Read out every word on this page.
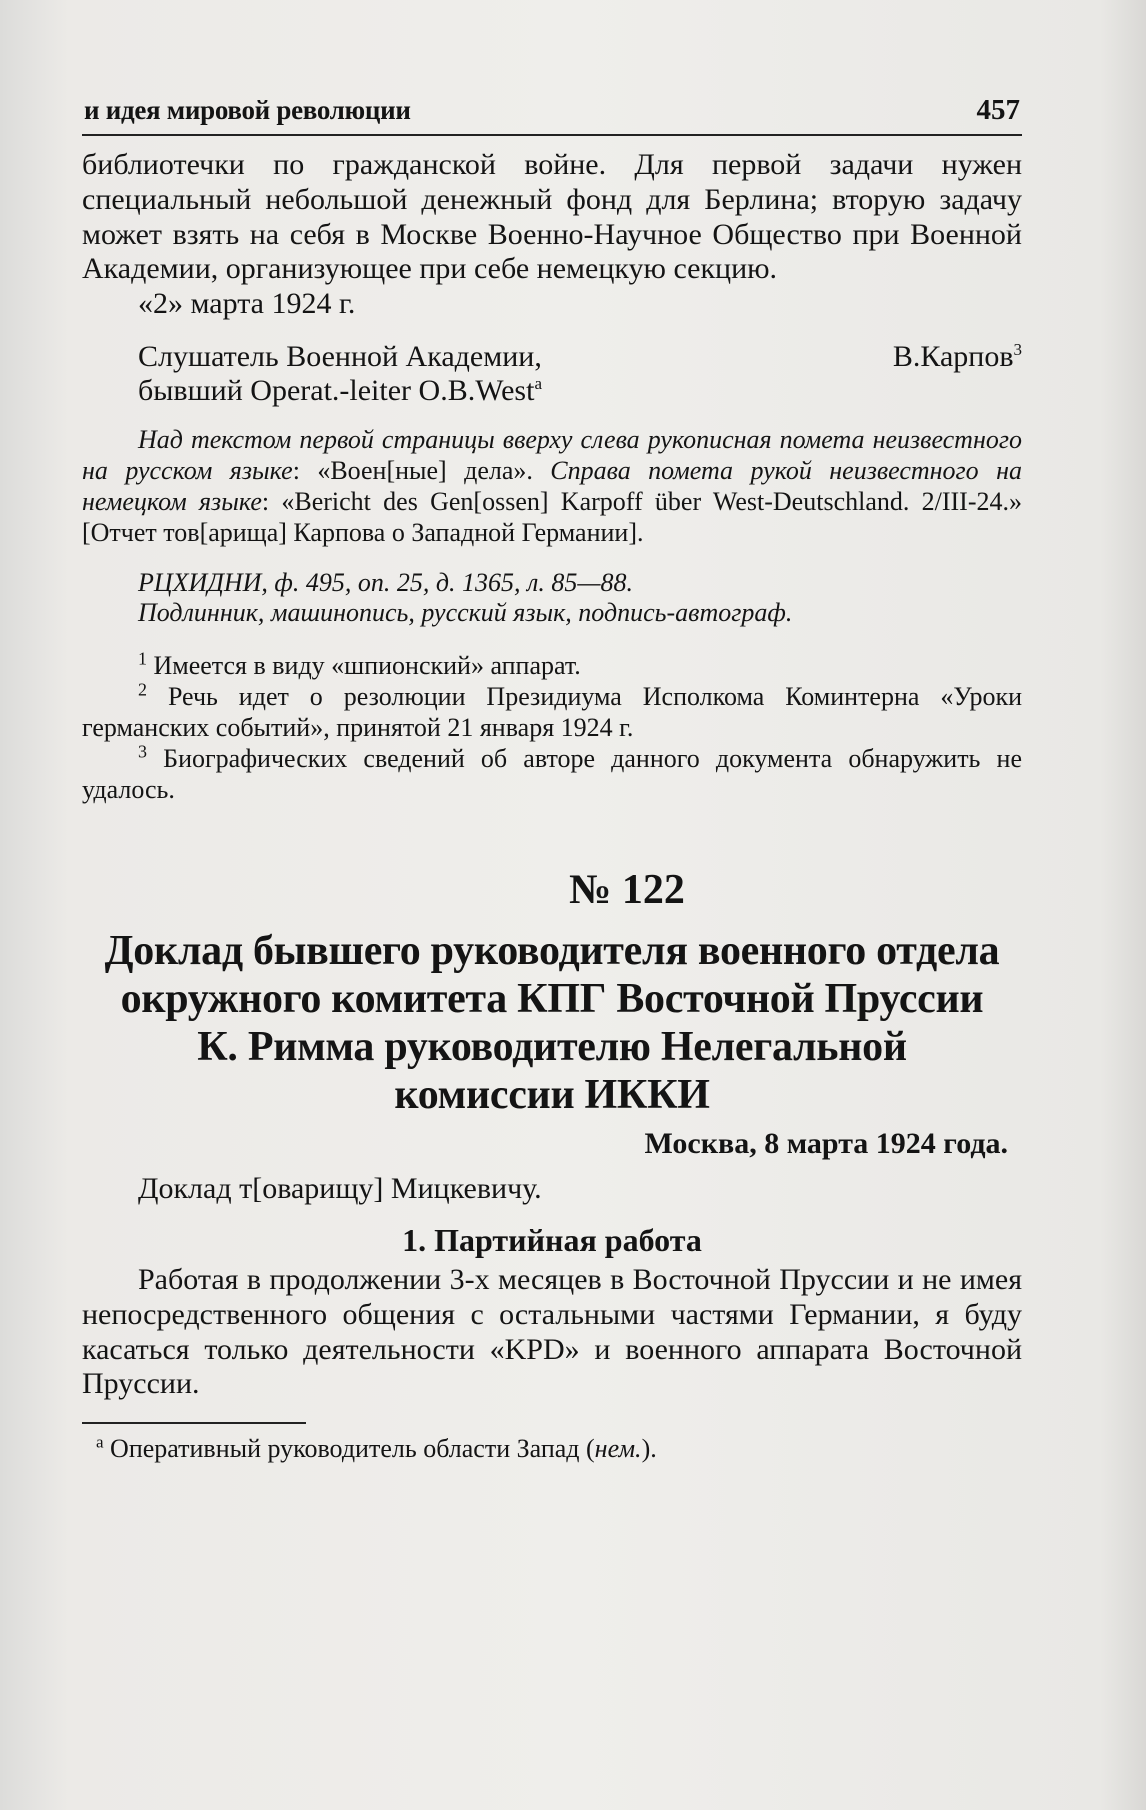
и идея мировой революции	457
библиотечки по гражданской войне. Для первой задачи нужен специальный небольшой денежный фонд для Берлина; вторую задачу может взять на себя в Москве Военно-Научное Общество при Военной Академии, организующее при себе немецкую секцию.
«2» марта 1924 г.
Слушатель Военной Академии,	В.Карпов$^3$
бывший Operat.-leiter O.B.West$^а$
Над текстом первой страницы вверху слева рукописная помета неизвестного на русском языке: «Воен[ные] дела». Справа помета рукой неизвестного на немецком языке: «Bericht des Gen[ossen] Karpoff über West-Deutschland. 2/III-24.» [Отчет тов[арища] Карпова о Западной Германии].
РЦХИДНИ, ф. 495, оп. 25, д. 1365, л. 85—88.
Подлинник, машинопись, русский язык, подпись-автограф.
$^1$ Имеется в виду «шпионский» аппарат.
$^2$ Речь идет о резолюции Президиума Исполкома Коминтерна «Уроки германских событий», принятой 21 января 1924 г.
$^3$ Биографических сведений об авторе данного документа обнаружить не удалось.
№ 122
Доклад бывшего руководителя военного отдела
окружного комитета КПГ Восточной Пруссии
К. Римма руководителю Нелегальной
комиссии ИККИ
Москва, 8 марта 1924 года.
Доклад т[оварищу] Мицкевичу.
1. Партийная работа
Работая в продолжении 3-х месяцев в Восточной Пруссии и не имея непосредственного общения с остальными частями Германии, я буду касаться только деятельности «KPD» и военного аппарата Восточной Пруссии.
$^а$ Оперативный руководитель области Запад (нем.).
